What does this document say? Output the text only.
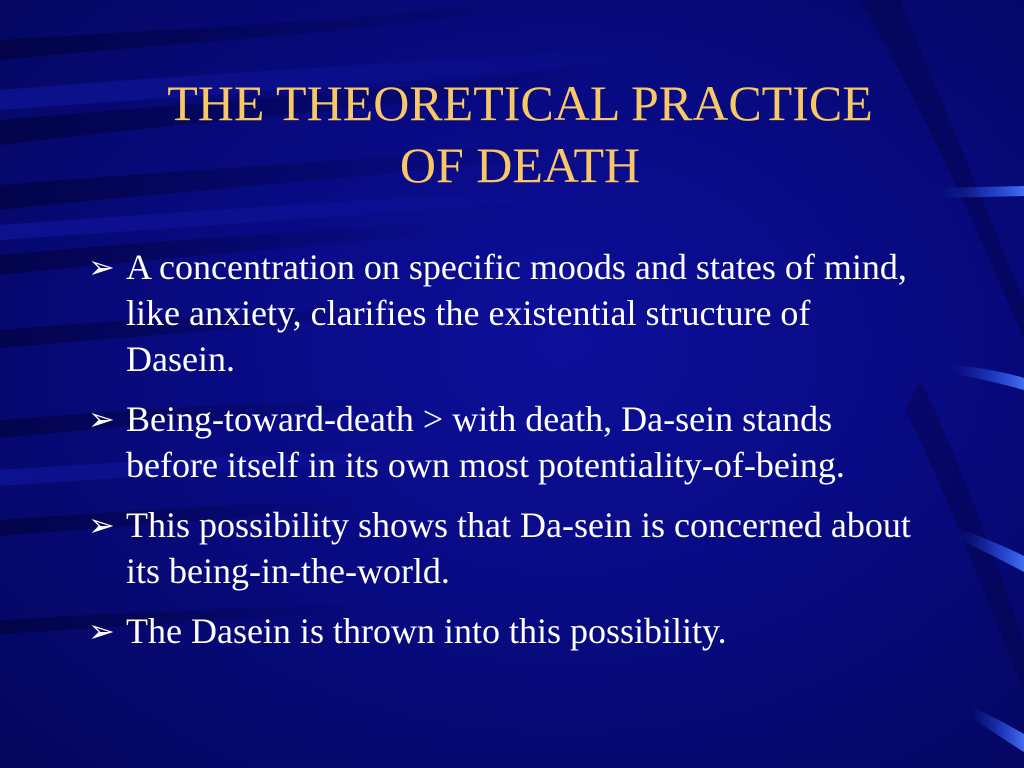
THE THEORETICAL PRACTICE
OF DEATH
➢ A concentration on specific moods and states of mind, like anxiety, clarifies the existential structure of Dasein.
➢ Being-toward-death > with death, Da-sein stands before itself in its own most potentiality-of-being.
➢ This possibility shows that Da-sein is concerned about its being-in-the-world.
➢ The Dasein is thrown into this possibility.
